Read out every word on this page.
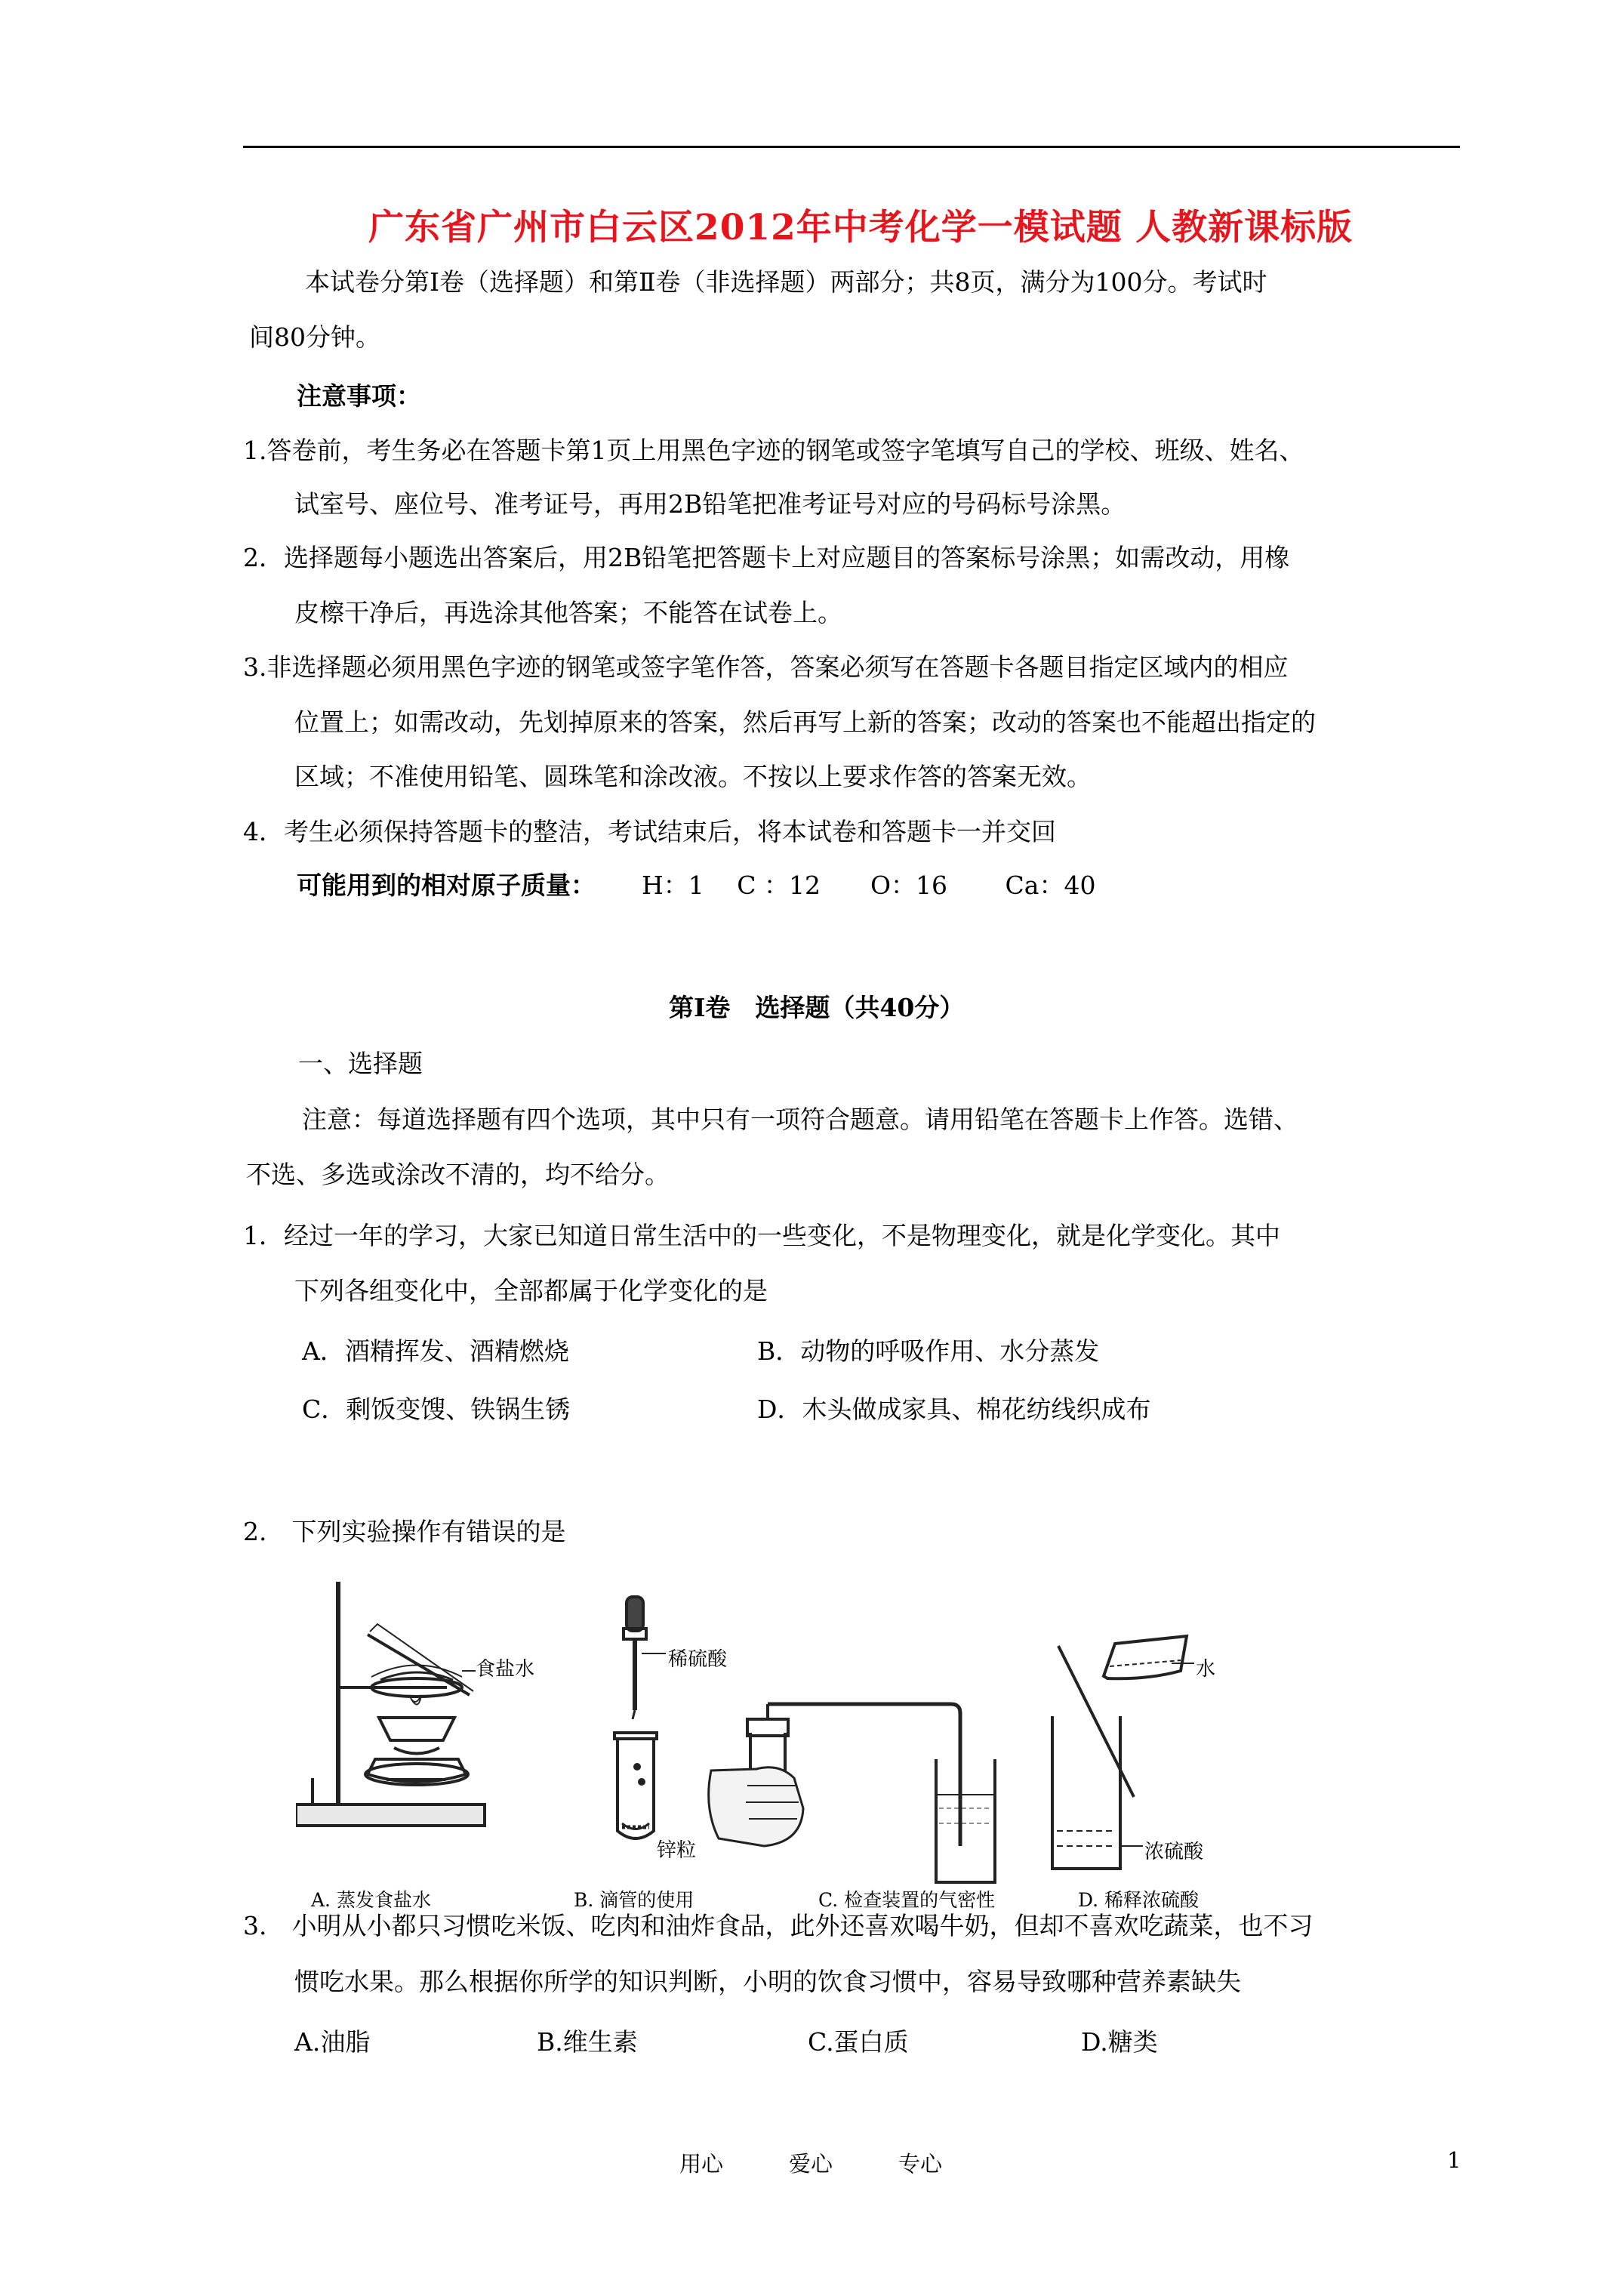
广东省广州市白云区2012年中考化学一模试题 人教新课标版
本试卷分第Ⅰ卷（选择题）和第Ⅱ卷（非选择题）两部分；共8页，满分为100分。考试时
间80分钟。
注意事项：
1.答卷前，考生务必在答题卡第1页上用黑色字迹的钢笔或签字笔填写自己的学校、班级、姓名、
试室号、座位号、准考证号，再用2B铅笔把准考证号对应的号码标号涂黑。
2．选择题每小题选出答案后，用2B铅笔把答题卡上对应题目的答案标号涂黑；如需改动，用橡
皮檫干净后，再选涂其他答案；不能答在试卷上。
3.非选择题必须用黑色字迹的钢笔或签字笔作答，答案必须写在答题卡各题目指定区域内的相应
位置上；如需改动，先划掉原来的答案，然后再写上新的答案；改动的答案也不能超出指定的
区域；不准使用铅笔、圆珠笔和涂改液。不按以上要求作答的答案无效。
4．考生必须保持答题卡的整洁，考试结束后，将本试卷和答题卡一并交回
可能用到的相对原子质量： H：1　 C ：12　　O：16　　 Ca：40
第Ⅰ卷　选择题（共40分）
一、选择题
注意：每道选择题有四个选项，其中只有一项符合题意。请用铅笔在答题卡上作答。选错、
不选、多选或涂改不清的，均不给分。
1．经过一年的学习，大家已知道日常生活中的一些变化，不是物理变化，就是化学变化。其中
下列各组变化中，全部都属于化学变化的是
A．酒精挥发、酒精燃烧	B．动物的呼吸作用、水分蒸发
C．剩饭变馊、铁锅生锈	D．木头做成家具、棉花纺线织成布
2.　下列实验操作有错误的是
食盐水	稀硫酸
锌粒
水
浓硫酸
A. 蒸发食盐水	B. 滴管的使用	C. 检查装置的气密性	D. 稀释浓硫酸
3.　小明从小都只习惯吃米饭、吃肉和油炸食品，此外还喜欢喝牛奶，但却不喜欢吃蔬菜，也不习
惯吃水果。那么根据你所学的知识判断，小明的饮食习惯中，容易导致哪种营养素缺失
A.油脂	B.维生素	C.蛋白质	D.糖类
用心　　　爱心　　　专心	1
